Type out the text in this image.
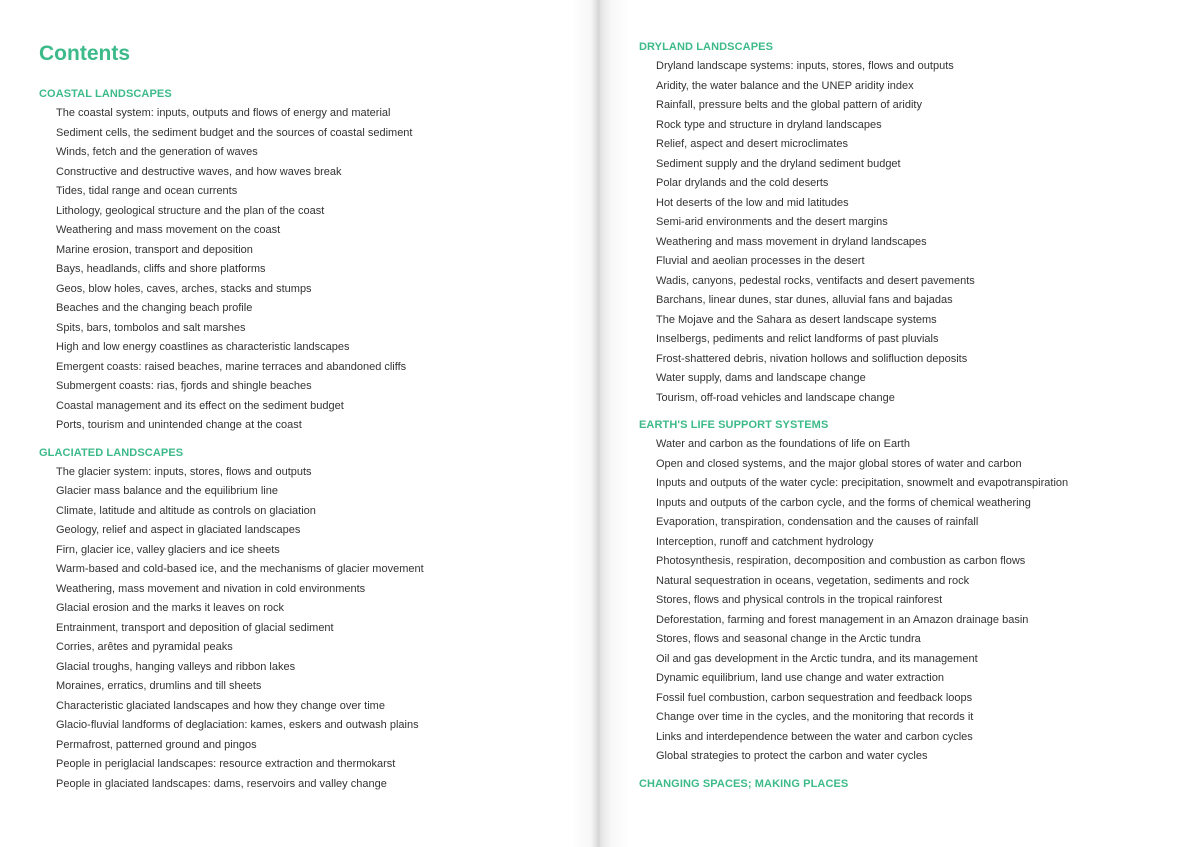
Contents
COASTAL LANDSCAPES
The coastal system: inputs, outputs and flows of energy and material
Sediment cells, the sediment budget and the sources of coastal sediment
Winds, fetch and the generation of waves
Constructive and destructive waves, and how waves break
Tides, tidal range and ocean currents
Lithology, geological structure and the plan of the coast
Weathering and mass movement on the coast
Marine erosion, transport and deposition
Bays, headlands, cliffs and shore platforms
Geos, blow holes, caves, arches, stacks and stumps
Beaches and the changing beach profile
Spits, bars, tombolos and salt marshes
High and low energy coastlines as characteristic landscapes
Emergent coasts: raised beaches, marine terraces and abandoned cliffs
Submergent coasts: rias, fjords and shingle beaches
Coastal management and its effect on the sediment budget
Ports, tourism and unintended change at the coast
GLACIATED LANDSCAPES
The glacier system: inputs, stores, flows and outputs
Glacier mass balance and the equilibrium line
Climate, latitude and altitude as controls on glaciation
Geology, relief and aspect in glaciated landscapes
Firn, glacier ice, valley glaciers and ice sheets
Warm-based and cold-based ice, and the mechanisms of glacier movement
Weathering, mass movement and nivation in cold environments
Glacial erosion and the marks it leaves on rock
Entrainment, transport and deposition of glacial sediment
Corries, arêtes and pyramidal peaks
Glacial troughs, hanging valleys and ribbon lakes
Moraines, erratics, drumlins and till sheets
Characteristic glaciated landscapes and how they change over time
Glacio-fluvial landforms of deglaciation: kames, eskers and outwash plains
Permafrost, patterned ground and pingos
People in periglacial landscapes: resource extraction and thermokarst
People in glaciated landscapes: dams, reservoirs and valley change
DRYLAND LANDSCAPES
Dryland landscape systems: inputs, stores, flows and outputs
Aridity, the water balance and the UNEP aridity index
Rainfall, pressure belts and the global pattern of aridity
Rock type and structure in dryland landscapes
Relief, aspect and desert microclimates
Sediment supply and the dryland sediment budget
Polar drylands and the cold deserts
Hot deserts of the low and mid latitudes
Semi-arid environments and the desert margins
Weathering and mass movement in dryland landscapes
Fluvial and aeolian processes in the desert
Wadis, canyons, pedestal rocks, ventifacts and desert pavements
Barchans, linear dunes, star dunes, alluvial fans and bajadas
The Mojave and the Sahara as desert landscape systems
Inselbergs, pediments and relict landforms of past pluvials
Frost-shattered debris, nivation hollows and solifluction deposits
Water supply, dams and landscape change
Tourism, off-road vehicles and landscape change
EARTH'S LIFE SUPPORT SYSTEMS
Water and carbon as the foundations of life on Earth
Open and closed systems, and the major global stores of water and carbon
Inputs and outputs of the water cycle: precipitation, snowmelt and evapotranspiration
Inputs and outputs of the carbon cycle, and the forms of chemical weathering
Evaporation, transpiration, condensation and the causes of rainfall
Interception, runoff and catchment hydrology
Photosynthesis, respiration, decomposition and combustion as carbon flows
Natural sequestration in oceans, vegetation, sediments and rock
Stores, flows and physical controls in the tropical rainforest
Deforestation, farming and forest management in an Amazon drainage basin
Stores, flows and seasonal change in the Arctic tundra
Oil and gas development in the Arctic tundra, and its management
Dynamic equilibrium, land use change and water extraction
Fossil fuel combustion, carbon sequestration and feedback loops
Change over time in the cycles, and the monitoring that records it
Links and interdependence between the water and carbon cycles
Global strategies to protect the carbon and water cycles
CHANGING SPACES; MAKING PLACES
